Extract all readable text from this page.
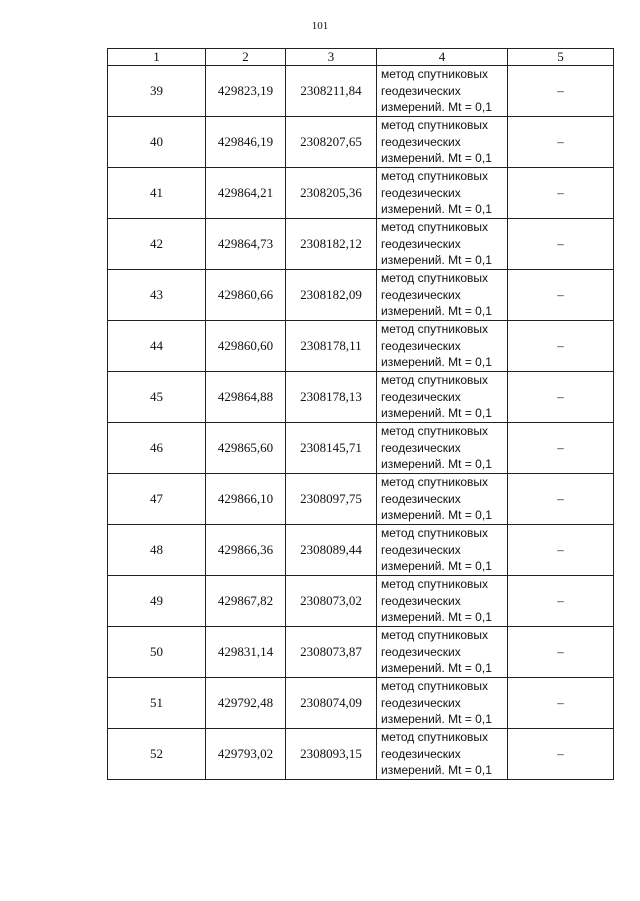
101
1	2	3	4	5
39	429823,19	2308211,84	метод спутниковых
геодезических
измерений. Mt = 0,1	–
40	429846,19	2308207,65	метод спутниковых
геодезических
измерений. Mt = 0,1	–
41	429864,21	2308205,36	метод спутниковых
геодезических
измерений. Mt = 0,1	–
42	429864,73	2308182,12	метод спутниковых
геодезических
измерений. Mt = 0,1	–
43	429860,66	2308182,09	метод спутниковых
геодезических
измерений. Mt = 0,1	–
44	429860,60	2308178,11	метод спутниковых
геодезических
измерений. Mt = 0,1	–
45	429864,88	2308178,13	метод спутниковых
геодезических
измерений. Mt = 0,1	–
46	429865,60	2308145,71	метод спутниковых
геодезических
измерений. Mt = 0,1	–
47	429866,10	2308097,75	метод спутниковых
геодезических
измерений. Mt = 0,1	–
48	429866,36	2308089,44	метод спутниковых
геодезических
измерений. Mt = 0,1	–
49	429867,82	2308073,02	метод спутниковых
геодезических
измерений. Mt = 0,1	–
50	429831,14	2308073,87	метод спутниковых
геодезических
измерений. Mt = 0,1	–
51	429792,48	2308074,09	метод спутниковых
геодезических
измерений. Mt = 0,1	–
52	429793,02	2308093,15	метод спутниковых
геодезических
измерений. Mt = 0,1	–
